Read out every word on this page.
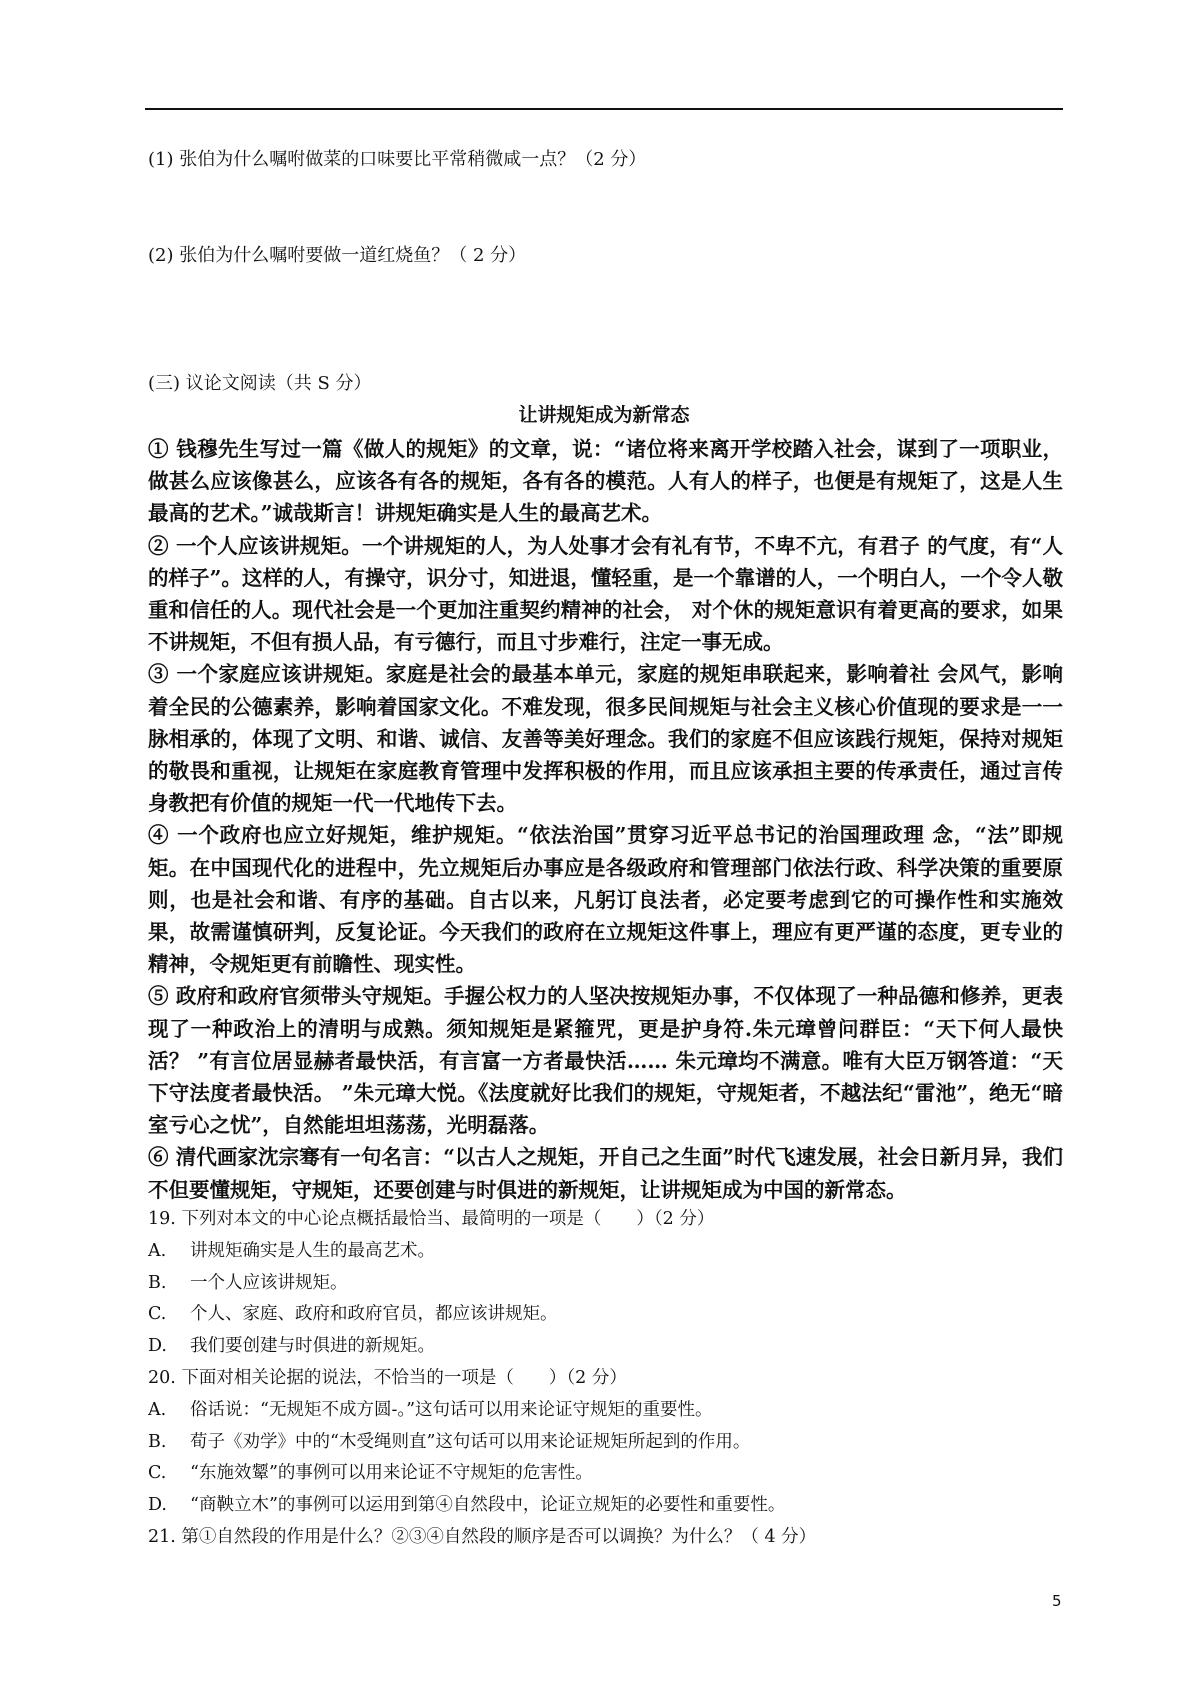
(1) 张伯为什么嘱咐做菜的口味要比平常稍微咸一点？（2 分）
(2) 张伯为什么嘱咐要做一道红烧鱼？（ 2 分）
(三) 议论文阅读（共 S 分）
让讲规矩成为新常态

① 钱穆先生写过一篇《做人的规矩》的文章，说：“诸位将来离开学校踏入社会，谋到了一项职业，做甚么应该像甚么，应该各有各的规矩，各有各的模范。人有人的样子，也便是有规矩了，这是人生最高的艺术。”诚哉斯言！讲规矩确实是人生的最高艺术。

② 一个人应该讲规矩。一个讲规矩的人，为人处事才会有礼有节，不卑不亢，有君子 的气度，有“人的样子”。这样的人，有操守，识分寸，知进退，懂轻重，是一个靠谱的人，一个明白人，一个令人敬重和信任的人。现代社会是一个更加注重契约精神的社会， 对个休的规矩意识有着更高的要求，如果不讲规矩，不但有损人品，有亏德行，而且寸步难行，注定一事无成。

③ 一个家庭应该讲规矩。家庭是社会的最基本单元，家庭的规矩串联起来，影响着社 会风气，影响着全民的公德素养，影响着国家文化。不难发现，很多民间规矩与社会主义核心价值现的要求是一一脉相承的，体现了文明、和谐、诚信、友善等美好理念。我们的家庭不但应该践行规矩，保持对规矩的敬畏和重视，让规矩在家庭教育管理中发挥积极的作用，而且应该承担主要的传承责任，通过言传身教把有价值的规矩一代一代地传下去。

④ 一个政府也应立好规矩，维护规矩。“依法治国”贯穿习近平总书记的治国理政理 念，“法”即规矩。在中国现代化的进程中，先立规矩后办事应是各级政府和管理部门依法行政、科学决策的重要原则，也是社会和谐、有序的基础。自古以来，凡躬订良法者，必定要考虑到它的可操作性和实施效果，故需谨慎研判，反复论证。今天我们的政府在立规矩这件事上，理应有更严谨的态度，更专业的精神，令规矩更有前瞻性、现实性。

⑤ 政府和政府官须带头守规矩。手握公权力的人坚决按规矩办事，不仅体现了一种品德和修养，更表现了一种政治上的清明与成熟。须知规矩是紧箍咒，更是护身符.朱元璋曾问群臣：“天下何人最快活？ ”有言位居显赫者最快活，有言富一方者最快活…… 朱元璋均不满意。唯有大臣万钢答道：“天下守法度者最快活。 ”朱元璋大悦。《法度就好比我们的规矩，守规矩者，不越法纪“雷池”，绝无“暗室亏心之忧”，自然能坦坦荡荡，光明磊落。

⑥ 清代画家沈宗骞有一句名言：“以古人之规矩，开自己之生面”时代飞速发展，社会日新月异，我们不但要懂规矩，守规矩，还要创建与时俱进的新规矩，让讲规矩成为中国的新常态。

19. 下列对本文的中心论点概括最恰当、最简明的一项是（　　）（2 分）
A. 讲规矩确实是人生的最高艺术。
B. 一个人应该讲规矩。
C. 个人、家庭、政府和政府官员，都应该讲规矩。
D. 我们要创建与时俱进的新规矩。
20. 下面对相关论据的说法，不恰当的一项是（　　）（2 分）
A. 俗话说：“无规矩不成方圆-。”这句话可以用来论证守规矩的重要性。
B. 荀子《劝学》中的“木受绳则直”这句话可以用来论证规矩所起到的作用。
C. “东施效颦”的事例可以用来论证不守规矩的危害性。
D. “商鞅立木”的事例可以运用到第④自然段中，论证立规矩的必要性和重要性。
21. 第①自然段的作用是什么？②③④自然段的顺序是否可以调换？为什么？（ 4 分）
5
